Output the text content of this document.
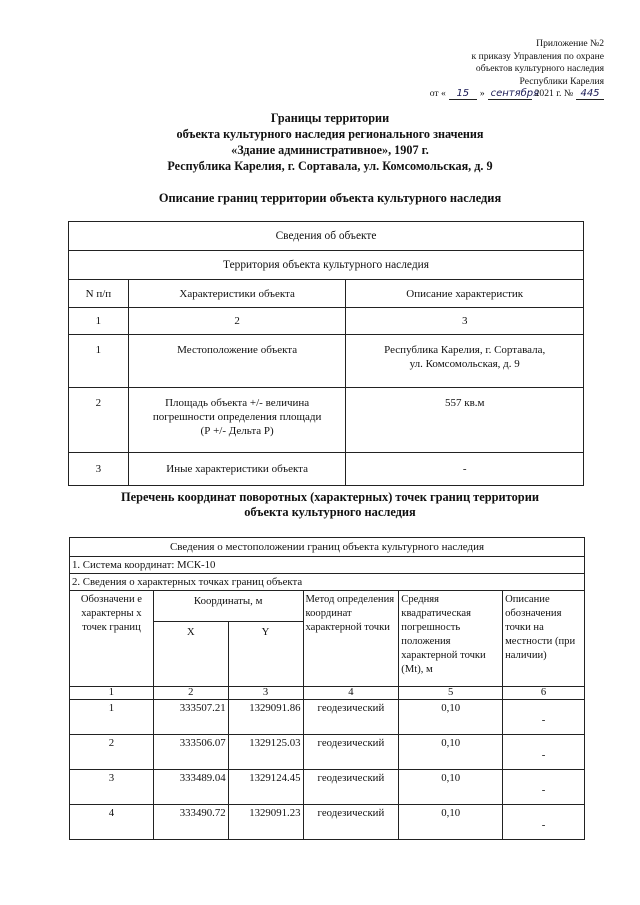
Приложение №2
к приказу Управления по охране
объектов культурного наследия
Республики Карелия
от «	15	» сентября
2021 г. № 445
Границы территории
объекта культурного наследия регионального значения
«Здание административное», 1907 г.
Республика Карелия, г. Сортавала, ул. Комсомольская, д. 9
Описание границ территории объекта культурного наследия
Сведения об объекте		
Территория объекта культурного наследия		
N п/п	Характеристики объекта	Описание характеристик
1	2	3
1	Местоположение объекта	Республика Карелия, г. Сортавала,
ул. Комсомольская, д. 9

2	Площадь объекта +/- величина
погрешности определения площади
(Р +/- Дельта Р)	557 кв.м
3	Иные характеристики объекта	-
Перечень координат поворотных (характерных) точек границ территории
объекта культурного наследия
Сведения о местоположении границ объекта культурного наследия					
1. Система координат: МСК-10					
2. Сведения о характерных точках границ объекта					
Обозначени е характерны х точек границ	Координаты, м		Метод определения координат характерной точки	Средняя квадратическая погрешность положения характерной точки (Mt), м	Описание обозначения точки на местности (при наличии)
	X	Y			
1	2	3	4	5	6
1	333507.21	1329091.86	геодезический	0,10	-
2	333506.07	1329125.03	геодезический	0,10	-
3	333489.04	1329124.45	геодезический	0,10	-
4	333490.72	1329091.23	геодезический	0,10	-
